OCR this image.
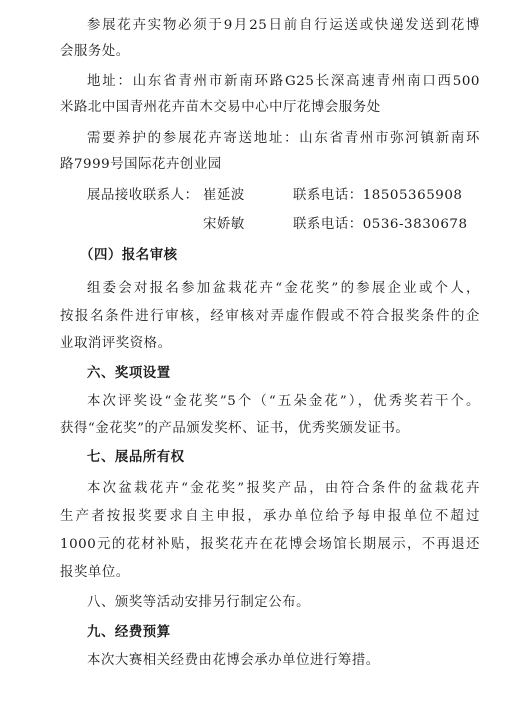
参展花卉实物必须于9月25日前自行运送或快递发送到花博
会服务处。
地址：山东省青州市新南环路G25长深高速青州南口西500
米路北中国青州花卉苗木交易中心中厅花博会服务处
需要养护的参展花卉寄送地址：山东省青州市弥河镇新南环
路7999号国际花卉创业园
展品接收联系人： 崔延波	联系电话：18505365908
宋娇敏	联系电话：0536-3830678
（四）报名审核
组委会对报名参加盆栽花卉“金花奖”的参展企业或个人，
按报名条件进行审核，经审核对弄虚作假或不符合报奖条件的企
业取消评奖资格。
六、奖项设置
本次评奖设“金花奖”5个（“五朵金花”），优秀奖若干个。
获得“金花奖”的产品颁发奖杯、证书，优秀奖颁发证书。
七、展品所有权
本次盆栽花卉“金花奖”报奖产品，由符合条件的盆栽花卉
生产者按报奖要求自主申报，承办单位给予每申报单位不超过
1000元的花材补贴，报奖花卉在花博会场馆长期展示，不再退还
报奖单位。
八、颁奖等活动安排另行制定公布。
九、经费预算
本次大赛相关经费由花博会承办单位进行筹措。
